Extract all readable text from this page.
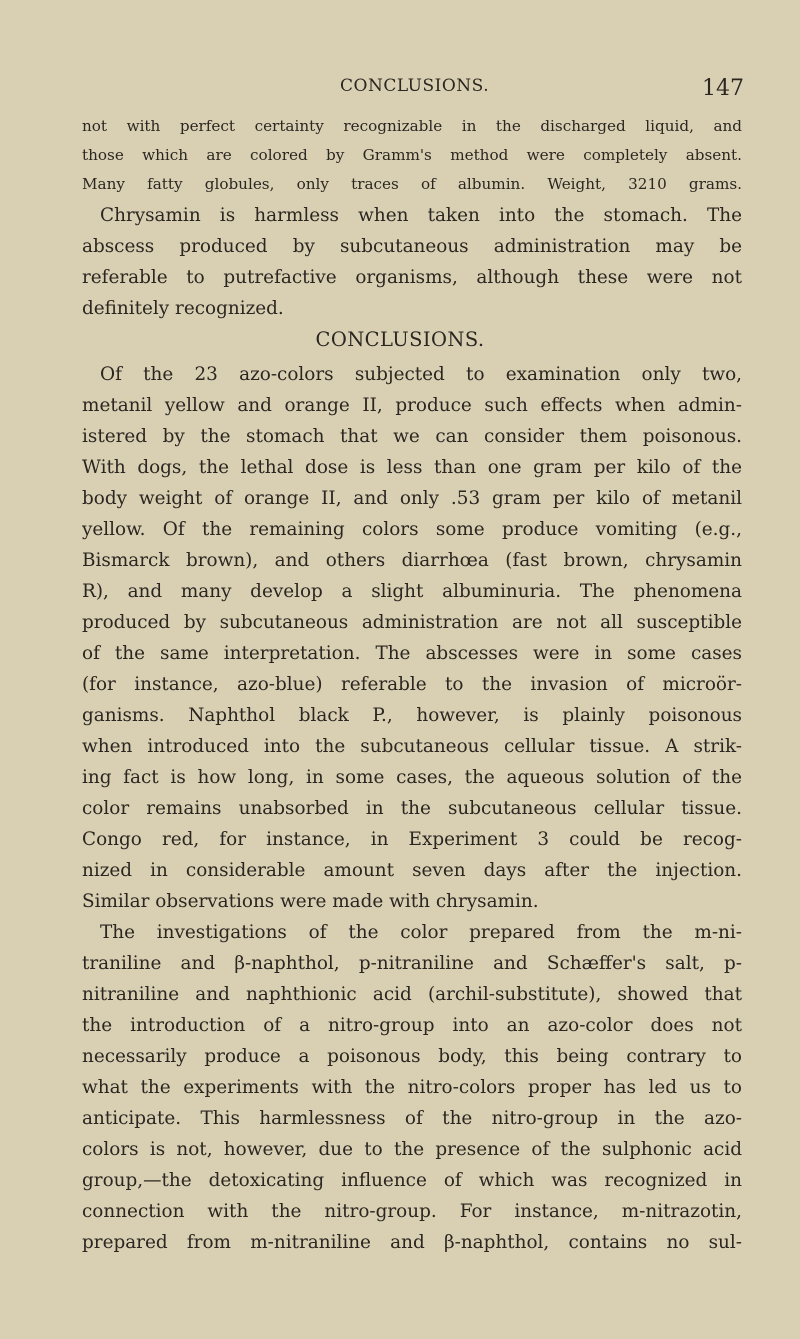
CONCLUSIONS.	147
not with perfect certainty recognizable in the discharged liquid, and
those which are colored by Gramm's method were completely absent.
Many fatty globules, only traces of albumin. Weight, 3210 grams.
Chrysamin is harmless when taken into the stomach. The
abscess produced by subcutaneous administration may be
referable to putrefactive organisms, although these were not
definitely recognized.
CONCLUSIONS.
Of the 23 azo-colors subjected to examination only two,
metanil yellow and orange II, produce such effects when admin-
istered by the stomach that we can consider them poisonous.
With dogs, the lethal dose is less than one gram per kilo of the
body weight of orange II, and only .53 gram per kilo of metanil
yellow. Of the remaining colors some produce vomiting (e.g.,
Bismarck brown), and others diarrhœa (fast brown, chrysamin
R), and many develop a slight albuminuria. The phenomena
produced by subcutaneous administration are not all susceptible
of the same interpretation. The abscesses were in some cases
(for instance, azo-blue) referable to the invasion of microör-
ganisms. Naphthol black P., however, is plainly poisonous
when introduced into the subcutaneous cellular tissue. A strik-
ing fact is how long, in some cases, the aqueous solution of the
color remains unabsorbed in the subcutaneous cellular tissue.
Congo red, for instance, in Experiment 3 could be recog-
nized in considerable amount seven days after the injection.
Similar observations were made with chrysamin.
The investigations of the color prepared from the m-ni-
traniline and β-naphthol, p-nitraniline and Schæffer's salt, p-
nitraniline and naphthionic acid (archil-substitute), showed that
the introduction of a nitro-group into an azo-color does not
necessarily produce a poisonous body, this being contrary to
what the experiments with the nitro-colors proper has led us to
anticipate. This harmlessness of the nitro-group in the azo-
colors is not, however, due to the presence of the sulphonic acid
group,—the detoxicating influence of which was recognized in
connection with the nitro-group. For instance, m-nitrazotin,
prepared from m-nitraniline and β-naphthol, contains no sul-
